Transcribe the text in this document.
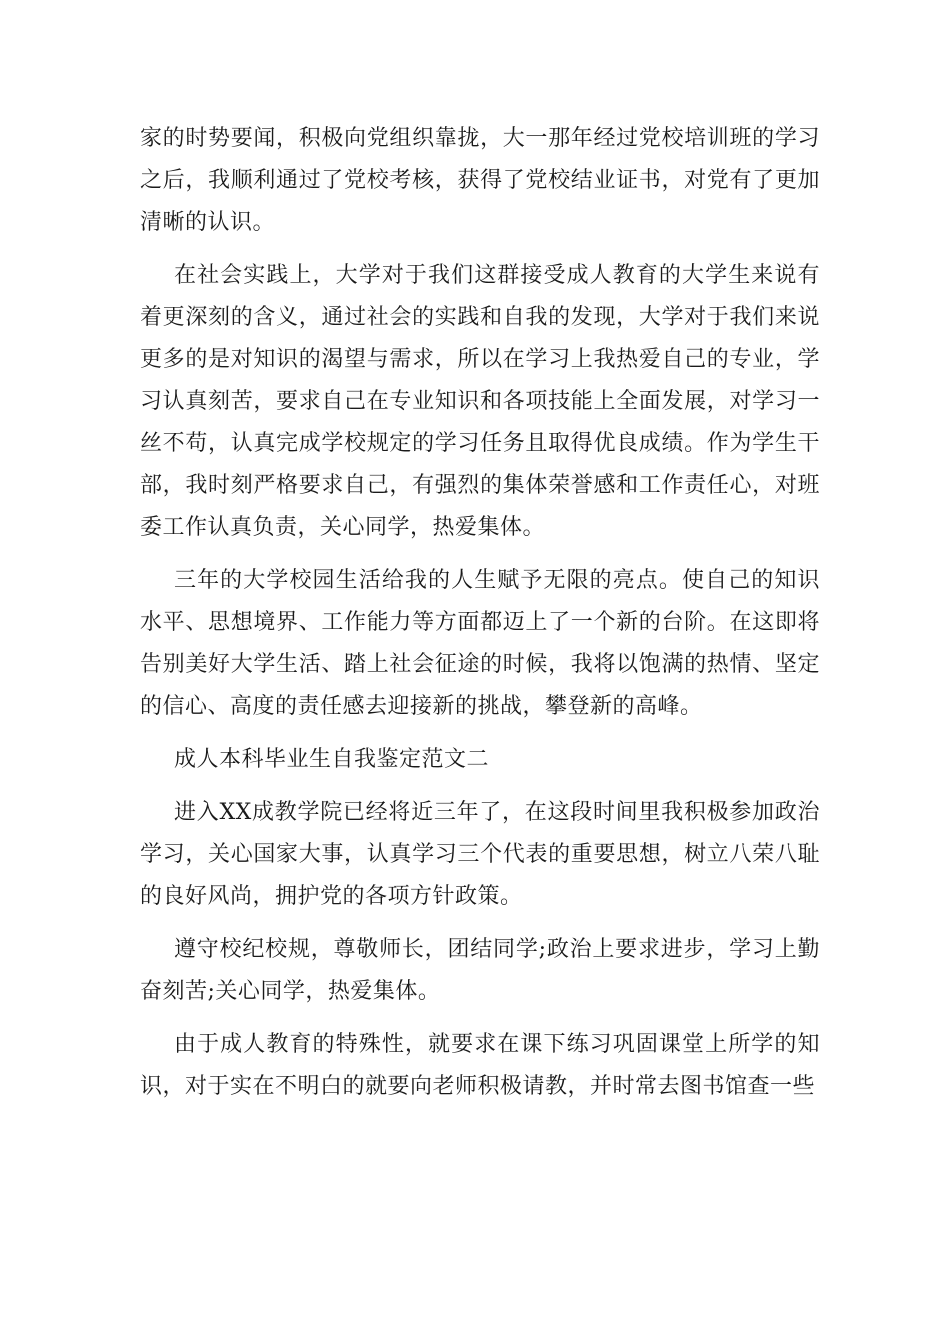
家的时势要闻，积极向党组织靠拢，大一那年经过党校培训班的学习之后，我顺利通过了党校考核，获得了党校结业证书，对党有了更加清晰的认识。

在社会实践上，大学对于我们这群接受成人教育的大学生来说有着更深刻的含义，通过社会的实践和自我的发现，大学对于我们来说更多的是对知识的渴望与需求，所以在学习上我热爱自己的专业，学习认真刻苦，要求自己在专业知识和各项技能上全面发展，对学习一丝不苟，认真完成学校规定的学习任务且取得优良成绩。作为学生干部，我时刻严格要求自己，有强烈的集体荣誉感和工作责任心，对班委工作认真负责，关心同学，热爱集体。

三年的大学校园生活给我的人生赋予无限的亮点。使自己的知识水平、思想境界、工作能力等方面都迈上了一个新的台阶。在这即将告别美好大学生活、踏上社会征途的时候，我将以饱满的热情、坚定的信心、高度的责任感去迎接新的挑战，攀登新的高峰。

成人本科毕业生自我鉴定范文二

进入XX成教学院已经将近三年了，在这段时间里我积极参加政治学习，关心国家大事，认真学习三个代表的重要思想，树立八荣八耻的良好风尚，拥护党的各项方针政策。

遵守校纪校规，尊敬师长，团结同学;政治上要求进步，学习上勤奋刻苦;关心同学，热爱集体。

由于成人教育的特殊性，就要求在课下练习巩固课堂上所学的知识，对于实在不明白的就要向老师积极请教，并时常去图书馆查一些
